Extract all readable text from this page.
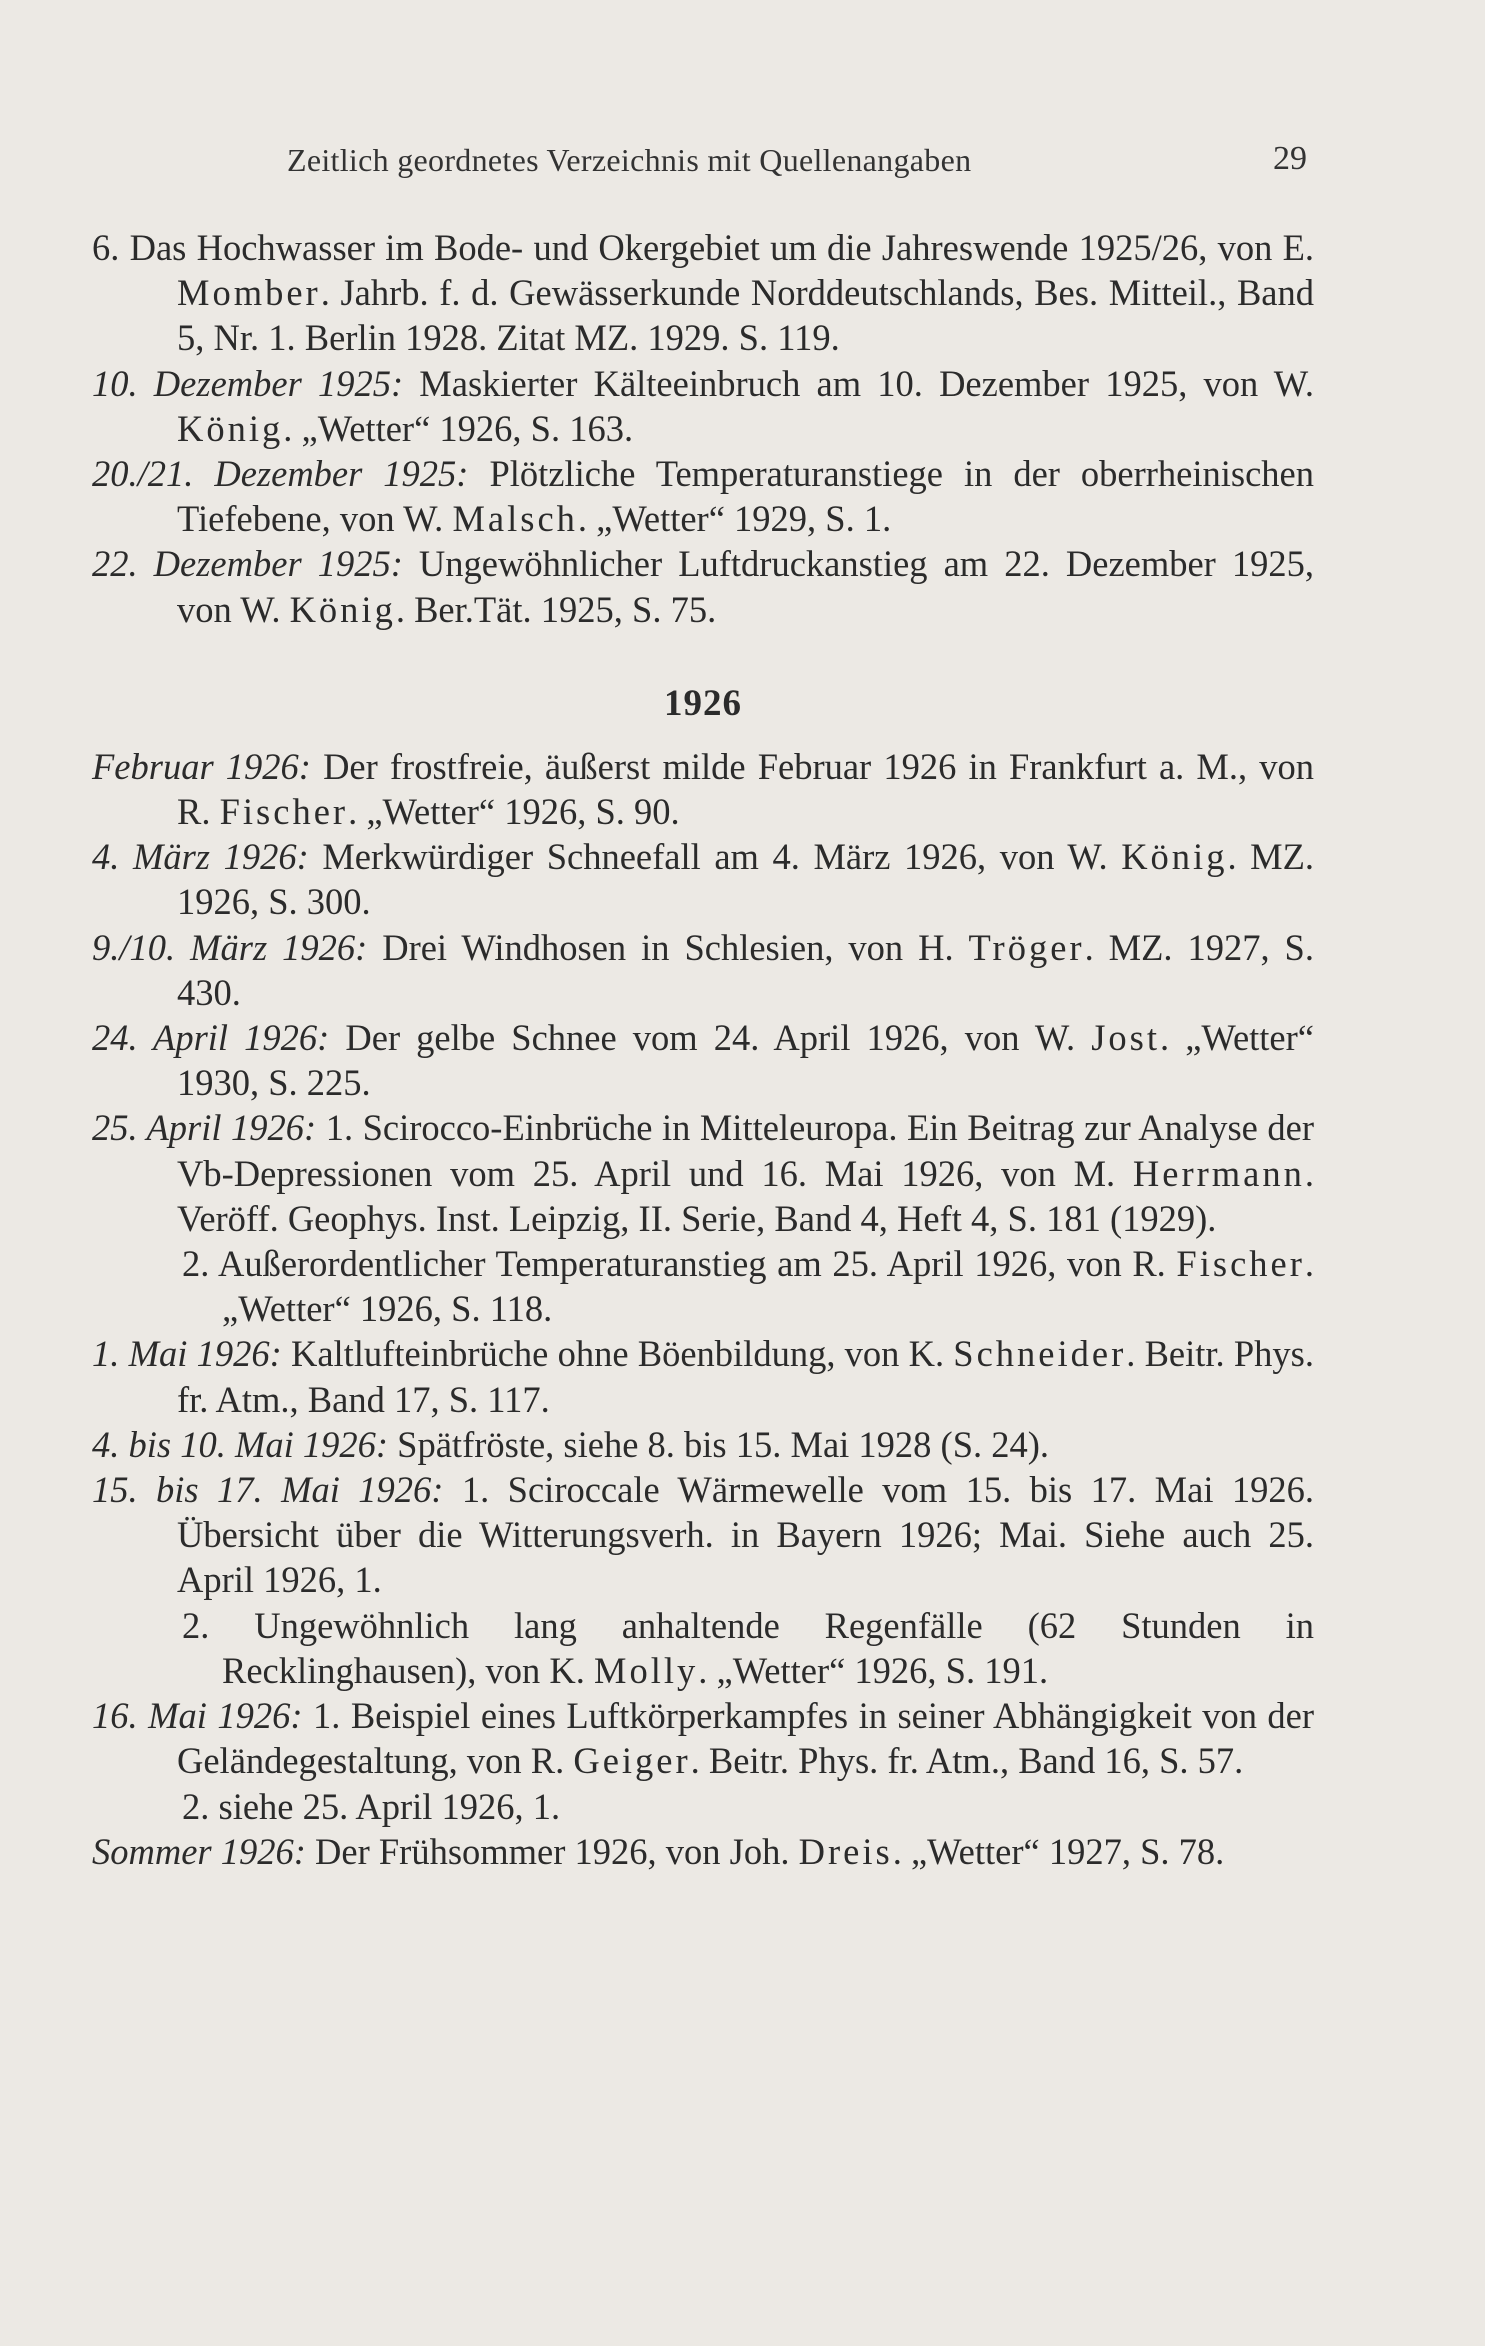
Zeitlich geordnetes Verzeichnis mit Quellenangaben	29

6. Das Hochwasser im Bode- und Okergebiet um die Jahreswende 1925/26, von E. Momber. Jahrb. f. d. Gewässerkunde Norddeutschlands, Bes. Mitteil., Band 5, Nr. 1. Berlin 1928. Zitat MZ. 1929. S. 119.

10. Dezember 1925: Maskierter Kälteeinbruch am 10. Dezember 1925, von W. König. „Wetter“ 1926, S. 163.

20./21. Dezember 1925: Plötzliche Temperaturanstiege in der oberrheinischen Tiefebene, von W. Malsch. „Wetter“ 1929, S. 1.

22. Dezember 1925: Ungewöhnlicher Luftdruckanstieg am 22. Dezember 1925, von W. König. Ber.Tät. 1925, S. 75.

1926

Februar 1926: Der frostfreie, äußerst milde Februar 1926 in Frankfurt a. M., von R. Fischer. „Wetter“ 1926, S. 90.

4. März 1926: Merkwürdiger Schneefall am 4. März 1926, von W. König. MZ. 1926, S. 300.

9./10. März 1926: Drei Windhosen in Schlesien, von H. Tröger. MZ. 1927, S. 430.

24. April 1926: Der gelbe Schnee vom 24. April 1926, von W. Jost. „Wetter“ 1930, S. 225.

25. April 1926: 1. Scirocco-Einbrüche in Mitteleuropa. Ein Beitrag zur Analyse der Vb-Depressionen vom 25. April und 16. Mai 1926, von M. Herrmann. Veröff. Geophys. Inst. Leipzig, II. Serie, Band 4, Heft 4, S. 181 (1929).

2. Außerordentlicher Temperaturanstieg am 25. April 1926, von R. Fischer. „Wetter“ 1926, S. 118.

1. Mai 1926: Kaltlufteinbrüche ohne Böenbildung, von K. Schneider. Beitr. Phys. fr. Atm., Band 17, S. 117.

4. bis 10. Mai 1926: Spätfröste, siehe 8. bis 15. Mai 1928 (S. 24).

15. bis 17. Mai 1926: 1. Sciroccale Wärmewelle vom 15. bis 17. Mai 1926. Übersicht über die Witterungsverh. in Bayern 1926; Mai. Siehe auch 25. April 1926, 1.

2. Ungewöhnlich lang anhaltende Regenfälle (62 Stunden in Recklinghausen), von K. Molly. „Wetter“ 1926, S. 191.

16. Mai 1926: 1. Beispiel eines Luftkörperkampfes in seiner Abhängigkeit von der Geländegestaltung, von R. Geiger. Beitr. Phys. fr. Atm., Band 16, S. 57.

2. siehe 25. April 1926, 1.

Sommer 1926: Der Frühsommer 1926, von Joh. Dreis. „Wetter“ 1927, S. 78.
